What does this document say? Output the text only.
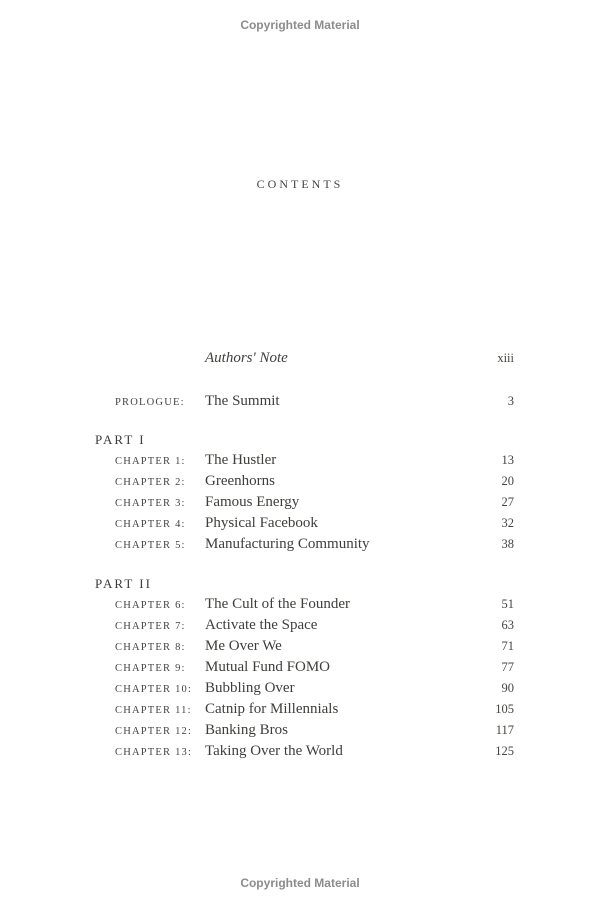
Copyrighted Material
CONTENTS
Authors' Note	xiii
PROLOGUE:	The Summit	3
PART I
CHAPTER 1:	The Hustler	13
CHAPTER 2:	Greenhorns	20
CHAPTER 3:	Famous Energy	27
CHAPTER 4:	Physical Facebook	32
CHAPTER 5:	Manufacturing Community	38
PART II
CHAPTER 6:	The Cult of the Founder	51
CHAPTER 7:	Activate the Space	63
CHAPTER 8:	Me Over We	71
CHAPTER 9:	Mutual Fund FOMO	77
CHAPTER 10: Bubbling Over	90
CHAPTER 11: Catnip for Millennials	105
CHAPTER 12: Banking Bros	117
CHAPTER 13: Taking Over the World	125
Copyrighted Material
